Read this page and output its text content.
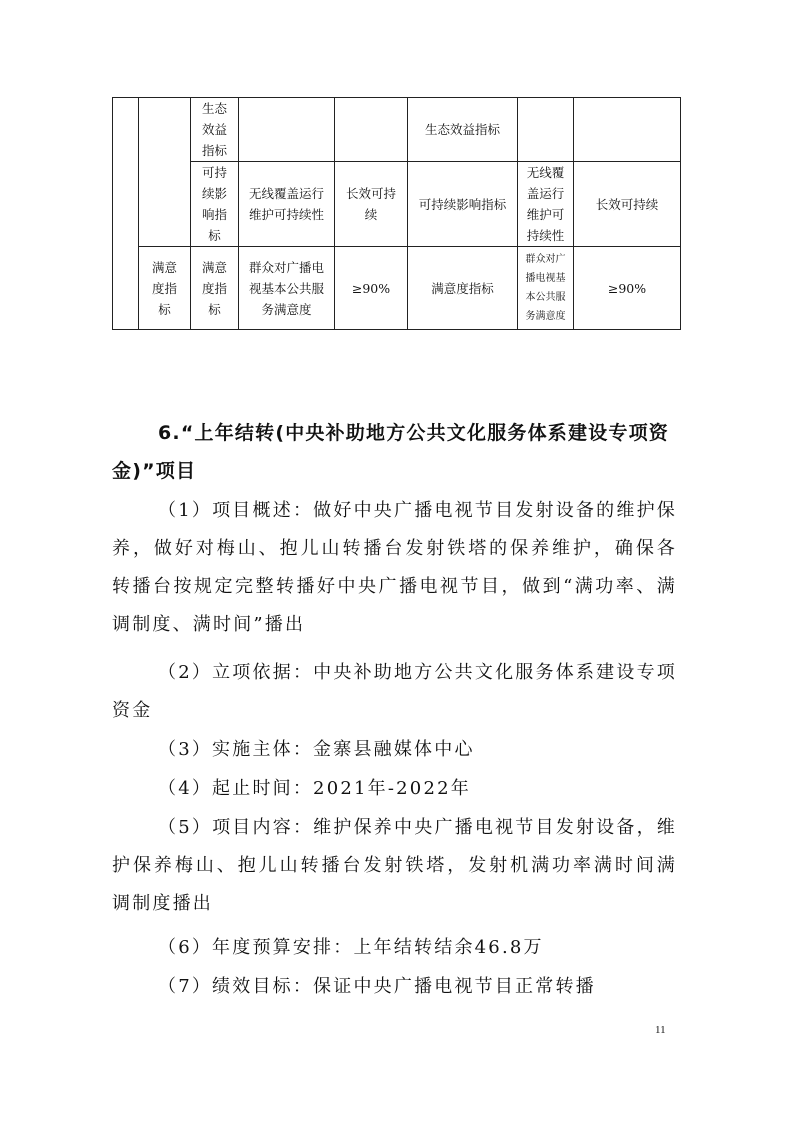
		生态
效益
指标			生态效益指标		
		可持
续影
响指
标	无线覆盖运行
维护可持续性	长效可持
续	可持续影响指标	无线覆
盖运行
维护可
持续性	长效可持续
	满意
度指
标	满意
度指
标	群众对广播电
视基本公共服
务满意度	≥90%	满意度指标	群众对广
播电视基
本公共服
务满意度	≥90%
6.“上年结转(中央补助地方公共文化服务体系建设专项资金)”项目

（1）项目概述：做好中央广播电视节目发射设备的维护保养，做好对梅山、抱儿山转播台发射铁塔的保养维护，确保各转播台按规定完整转播好中央广播电视节目，做到“满功率、满调制度、满时间”播出

（2）立项依据：中央补助地方公共文化服务体系建设专项资金

（3）实施主体：金寨县融媒体中心

（4）起止时间：2021年-2022年

（5）项目内容：维护保养中央广播电视节目发射设备，维护保养梅山、抱儿山转播台发射铁塔，发射机满功率满时间满调制度播出

（6）年度预算安排：上年结转结余46.8万

（7）绩效目标：保证中央广播电视节目正常转播

11
